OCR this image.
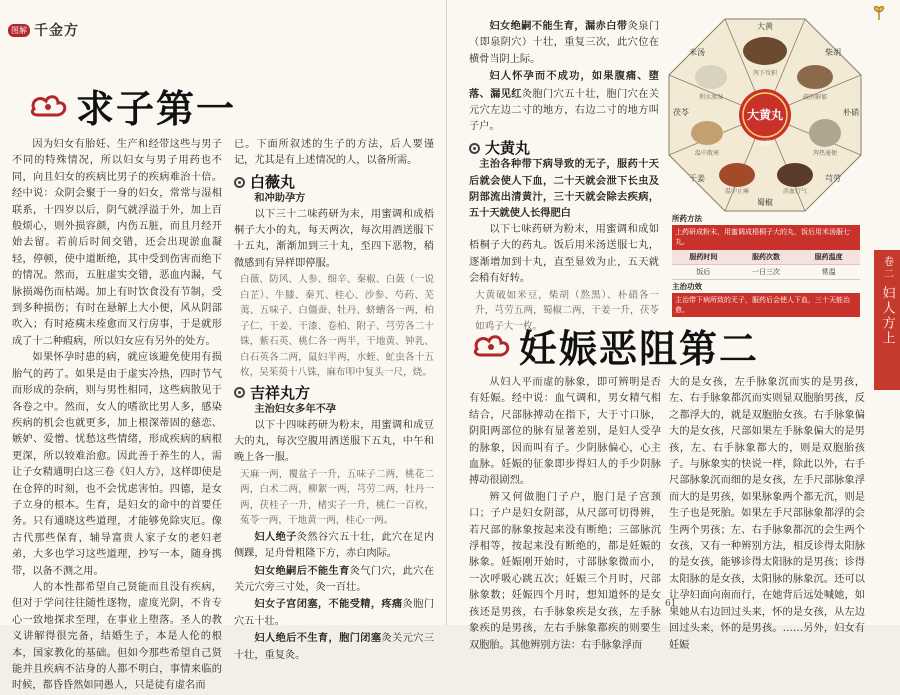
图解 千金方
求子第一

因为妇女有胎妊、生产和经带这些与男子不同的特殊情况，所以妇女与男子用药也不同，向且妇女的疾病比男子的疾病难治十倍。经中说：众阴会聚于一身的妇女，常常与湿相联系，十四岁以后，阴气就浮溢于外，加上百般烦心，则外损容颜，内伤五脏，而且月经开始去留。若前后时间交错，还会出现淤血凝轻，停顿，使中道断绝，其中受到伤害而绝下的情况。然而，五脏虚实交错，恶血内漏，气脉损竭伤而枯竭。加上有时饮食没有节制，受到多种损伤；有时在悬解上大小便，风从阴部吹入；有时疮痍未痊愈而又行房事，于是就形成了十二种瘕病，所以妇女应有另外的处方。

如果怀孕时患的病，就应该避免使用有损胎气的药了。如果是由于虚实冷热，四时节气而形成的杂病，则与男性相同，这些病散见于各卷之中。然而，女人的嗜欲比男人多，感染疾病的机会也就更多，加上根深蒂固的慈恋、嫉妒、爱憎、忧愁这些情绪，形成疾病的病根更深，所以较难治愈。因此善于养生的人，需让子女精通明白这三卷《妇人方》，这样即使是在仓猝的时刻，也不会忧虑害怕。四德，是女子立身的根本。生育，是妇女的命中的首要任务。只有通晓这些道理，才能够免除灾厄。像古代那些保育，辅导富贵人家子女的老妇老弟，大多也学习这些道理，抄写一本，随身携带，以备不测之用。

人的本性都希望自己贤能而且没有疾病，但对于学问往往随性逐物，虚度光阴，不肯专心一致地探求至理，在事业上堕落。圣人的教义讲解得很完备，结婚生子，本是人伦的根本，国家教化的基础。但如今那些希望自己贤能并且疾病不沾身的人都不明白，事情来临的时候，都昏昏然如同愚人，只是徒有虚名而

已。下面所叙述的生子的方法，后人要谨记，尤其是有上述情况的人，以备所需。

白薇丸

和冲助孕方

以下三十二味药研为末，用蜜调和成梧桐子大小的丸，每天两次，每次用酒送服下十五丸，渐渐加到三十丸，至四下恶物，稍微感到有异样即停服。

白薇、防风、人参、细辛、秦椒、白蔹（一说白芷）、牛膝、秦艽、桂心、沙参、芍药、芜荑、五味子、白僵蚕、牡丹、蛴螬各一两，柏子仁、干姜、干漆、卷柏、附子、芎劳各二十铢，紫石英、桃仁各一两半，干地黄、钟乳、白石英各二两，鼠妇半两，水蛭、虻虫各十五枚，吴茱萸十八铢，麻布叩中复头一尺，烧。

吉祥丸方

主治妇女多年不孕

以下十四味药研为粉末，用蜜调和成豆大的丸，每次空腹用酒送服下五丸，中午和晚上各一服。

天麻一两，覆盆子一升，五味子二两，桃花二两，白术二两，柳絮一两，芎劳二两，牡丹一两，茯桂子一升，楮实子一升，桃仁一百枚，菟苓一两，干地黄一两，桂心一两。

妇人绝子灸然谷穴五十壮，此穴在足内侧踝，足舟骨粗隆下方，赤白肉际。

妇女绝嗣后不能生育灸气门穴，此穴在关元穴旁三寸处，灸一百壮。

妇女子宫闭塞，不能受精，疼痛灸胞门穴五十壮。

妇人绝后不生育，胞门闭塞灸关元穴三十壮，重复灸。

妇女绝嗣不能生育，漏赤白带灸泉门（即泉阴穴）十壮，重复三次，此穴位在横骨当阴上际。

妇人怀孕而不成功，如果腹痛、堕落、漏见红灸胞门穴五十壮，胞门穴在关元穴左边二寸的地方，右边二寸的地方叫子户。

大黄丸

主治各种带下病导致的无子，服药十天后就会使人下血，二十天就会泄下长虫及阴部流出清黄汁，三十天就会除去疾病，五十天就使人长得肥白

以下七味药研为粉末，用蜜调和成如梧桐子大的药丸。饭后用米汤送服七丸，逐渐增加到十丸，直至显效为止，五天就会稍有好转。

大黄破如米豆，柴胡（熬黑）、朴硝各一升，芎劳五两，蜀椒二两，干姜一升，茯苓如鸡子大一枚。

大黄丸
大黄
柴胡
朴硝
芎劳
蜀椒
干姜
茯苓
米汤
泻下攻积
疏肝解郁
泻热通便
活血行气
温中止痛
温中散寒
利水渗湿
送服
所药方法
上药研成粉末，用蜜调成梧桐子大的丸，饭后用米汤服七丸。
服药时间	服药次数	服药温度
饭后	一日三次	常温
主治功效
主治带下病所致的无子，服药后会使人下血，三十天能治愈。
妊娠恶阻第二

从妇人平而虚的脉象，即可辨明是否有妊娠。经中说：血气调和，男女精气相结合，尺部脉搏动在指下，大于寸口脉，阴阳两部位的脉有显著差别，是妇人受孕的脉象，因而叫有子。少阴脉偏心，心主血脉。妊娠的征象即步得妇人的手少阴脉搏动很剧烈。

辨又何做胞门子户，胞门是子宫颈口；子户是妇女阴部，从尺部可切得辨，若尺部的脉象按起来没有断绝；三部脉沉浮相等，按起来没有断绝的，都是妊娠的脉象。妊娠刚开始时，寸部脉象微而小，一次呼吸心跳五次；妊娠三个月时，尺部脉象数；妊娠四个月时，想知道怀的是女孩还是男孩，右手脉象疾是女孩，左手脉象疾的是男孩，左右手脉象都疾的则要生双胞胎。其他辨别方法：右手脉象浮而

大的是女孩，左手脉象沉而实的是男孩，左、右手脉象都沉而实则显双胞胎男孩，反之都浮大的，就是双胞胎女孩。右手脉象偏大的是女孩，尺部如果左手脉象偏大的是男孩，左、右手脉象都大的，则是双胞胎孩子。与脉象实的快说一样，除此以外，右手尺部脉象沉而细的是女孩，左手尺部脉象浮而大的是男孩，如果脉象两个都无沉，则是生子也是死胎。如果左手尺部脉象都浮的会生两个男孩；左、右手脉象都沉的会生两个女孩，又有一种辨别方法，相反诊得太阳脉的是女孩，能够诊得太阳脉的是男孩；诊得太阳脉的是女孩，太阳脉的脉象沉。还可以让孕妇面向南而行，在她背后远处喊她，如果她从右边回过头来，怀的是女孩，从左边回过头来，怀的是男孩。……另外，妇女有妊娠

61
卷二
妇人方上
